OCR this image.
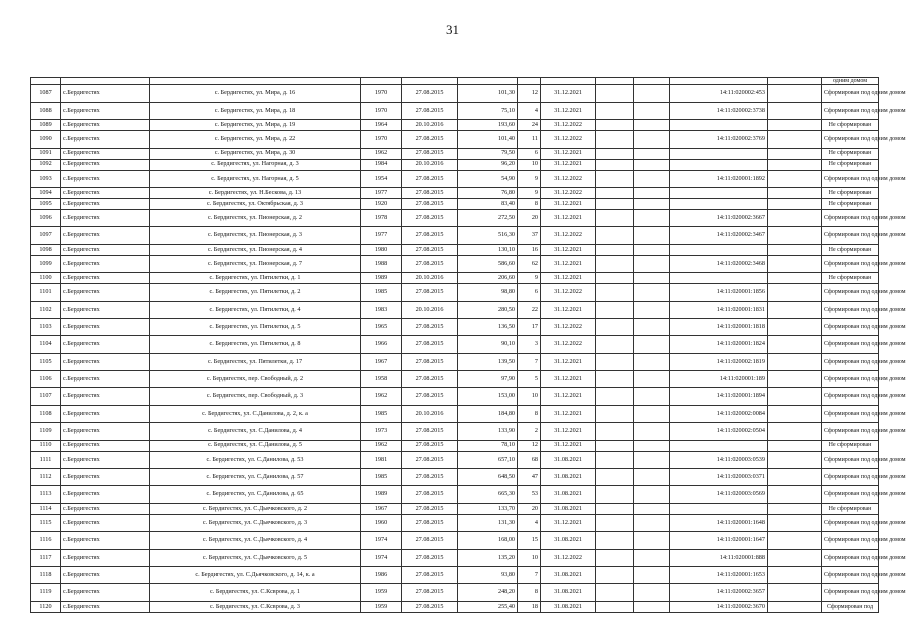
31
												одним домом
1087	с.Бердигестях	с. Бердигестях, ул. Мира, д. 16	1970	27.08.2015	101,30	12	31.12.2021			14:11:020002:453		Сформирован под одним домом
1088	с.Бердигестях	с. Бердигестях, ул. Мира, д. 18	1970	27.08.2015	75,10	4	31.12.2021			14:11:020002:3738		Сформирован под одним домом
1089	с.Бердигестях	с. Бердигестях, ул. Мира, д. 19	1964	20.10.2016	193,60	24	31.12.2022					Не сформирован
1090	с.Бердигестях	с. Бердигестях, ул. Мира, д. 22	1970	27.08.2015	101,40	11	31.12.2022			14:11:020002:3769		Сформирован под одним домом
1091	с.Бердигестях	с. Бердигестях, ул. Мира, д. 30	1962	27.08.2015	79,50	6	31.12.2021					Не сформирован
1092	с.Бердигестях	с. Бердигестях, ул. Нагорная, д. 3	1984	20.10.2016	96,20	10	31.12.2021					Не сформирован
1093	с.Бердигестях	с. Бердигестях, ул. Нагорная, д. 5	1954	27.08.2015	54,90	9	31.12.2022			14:11:020001:1892		Сформирован под одним домом
1094	с.Бердигестях	с. Бердигестях, ул. Н.Бескова, д. 13	1977	27.08.2015	76,80	9	31.12.2022					Не сформирован
1095	с.Бердигестях	с. Бердигестях, ул. Октябрьская, д. 3	1920	27.08.2015	83,40	8	31.12.2021					Не сформирован
1096	с.Бердигестях	с. Бердигестях, ул. Пионерская, д. 2	1978	27.08.2015	272,50	20	31.12.2021			14:11:020002:3667		Сформирован под одним домом
1097	с.Бердигестях	с. Бердигестях, ул. Пионерская, д. 3	1977	27.08.2015	516,30	37	31.12.2022			14:11:020002:3467		Сформирован под одним домом
1098	с.Бердигестях	с. Бердигестях, ул. Пионерская, д. 4	1980	27.08.2015	130,10	16	31.12.2021					Не сформирован
1099	с.Бердигестях	с. Бердигестях, ул. Пионерская, д. 7	1988	27.08.2015	586,60	62	31.12.2021			14:11:020002:3468		Сформирован под одним домом
1100	с.Бердигестях	с. Бердигестях, ул. Пятилетки, д. 1	1989	20.10.2016	206,60	9	31.12.2021					Не сформирован
1101	с.Бердигестях	с. Бердигестях, ул. Пятилетки, д. 2	1985	27.08.2015	98,80	6	31.12.2022			14:11:020001:1856		Сформирован под одним домом
1102	с.Бердигестях	с. Бердигестях, ул. Пятилетки, д. 4	1983	20.10.2016	280,50	22	31.12.2021			14:11:020001:1831		Сформирован под одним домом
1103	с.Бердигестях	с. Бердигестях, ул. Пятилетки, д. 5	1965	27.08.2015	136,50	17	31.12.2022			14:11:020001:1818		Сформирован под одним домом
1104	с.Бердигестях	с. Бердигестях, ул. Пятилетки, д. 8	1966	27.08.2015	90,10	3	31.12.2022			14:11:020001:1824		Сформирован под одним домом
1105	с.Бердигестях	с. Бердигестях, ул. Пятилетки, д. 17	1967	27.08.2015	139,50	7	31.12.2021			14:11:020002:1819		Сформирован под одним домом
1106	с.Бердигестях	с. Бердигестях, пер. Свободный, д. 2	1958	27.08.2015	97,90	5	31.12.2021			14:11:020001:189		Сформирован под одним домом
1107	с.Бердигестях	с. Бердигестях, пер. Свободный, д. 3	1962	27.08.2015	153,00	10	31.12.2021			14:11:020001:1894		Сформирован под одним домом
1108	с.Бердигестях	с. Бердигестях, ул. С.Данилова, д. 2, к. а	1985	20.10.2016	184,80	8	31.12.2021			14:11:020002:0084		Сформирован под одним домом
1109	с.Бердигестях	с. Бердигестях, ул. С.Данилова, д. 4	1973	27.08.2015	133,90	2	31.12.2021			14:11:020002:0504		Сформирован под одним домом
1110	с.Бердигестях	с. Бердигестях, ул. С.Данилова, д. 5	1962	27.08.2015	78,10	12	31.12.2021					Не сформирован
1111	с.Бердигестях	с. Бердигестях, ул. С.Данилова, д. 53	1981	27.08.2015	657,10	68	31.08.2021			14:11:020003:0539		Сформирован под одним домом
1112	с.Бердигестях	с. Бердигестях, ул. С.Данилова, д. 57	1985	27.08.2015	648,50	47	31.08.2021			14:11:020003:0371		Сформирован под одним домом
1113	с.Бердигестях	с. Бердигестях, ул. С.Данилова, д. 65	1989	27.08.2015	665,30	53	31.08.2021			14:11:020003:0569		Сформирован под одним домом
1114	с.Бердигестях	с. Бердигестях, ул. С.Дьячковского, д. 2	1967	27.08.2015	133,70	20	31.08.2021					Не сформирован
1115	с.Бердигестях	с. Бердигестях, ул. С.Дьячковского, д. 3	1960	27.08.2015	131,30	4	31.12.2021			14:11:020001:1648		Сформирован под одним домом
1116	с.Бердигестях	с. Бердигестях, ул. С.Дьячковского, д. 4	1974	27.08.2015	168,00	15	31.08.2021			14:11:020001:1647		Сформирован под одним домом
1117	с.Бердигестях	с. Бердигестях, ул. С.Дьячковского, д. 5	1974	27.08.2015	135,20	10	31.12.2022			14:11:020001:888		Сформирован под одним домом
1118	с.Бердигестях	с. Бердигестях, ул. С.Дьячковского, д. 14, к. а	1986	27.08.2015	93,80	7	31.08.2021			14:11:020001:1653		Сформирован под одним домом
1119	с.Бердигестях	с. Бердигестях, ул. С.Ксврова, д. 1	1959	27.08.2015	248,20	8	31.08.2021			14:11:020002:3657		Сформирован под одним домом
1120	с.Бердигестях	с. Бердигестях, ул. С.Ксврова, д. 3	1959	27.08.2015	255,40	18	31.08.2021			14:11:020002:3670		Сформирован под
